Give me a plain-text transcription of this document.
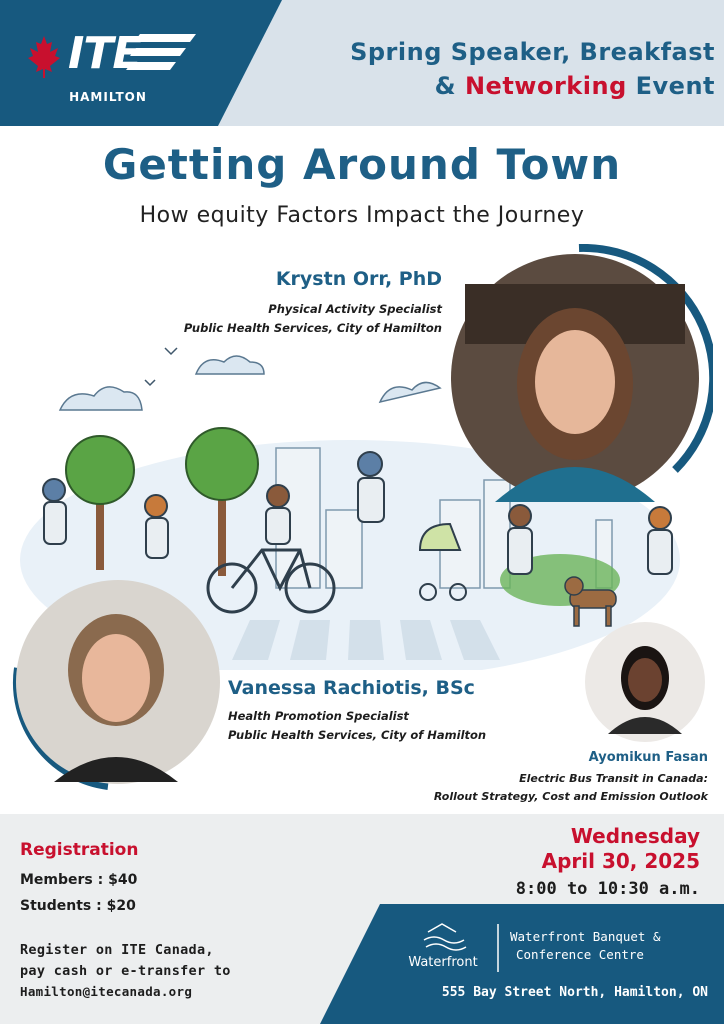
ITE
HAMILTON
Spring Speaker, Breakfast
& Networking Event
Getting Around Town
How equity Factors Impact the Journey
Krystn Orr, PhD
Physical Activity Specialist
Public Health Services, City of Hamilton
Vanessa Rachiotis, BSc
Health Promotion Specialist
Public Health Services, City of Hamilton
Ayomikun Fasan
Electric Bus Transit in Canada:
Rollout Strategy, Cost and Emission Outlook
Registration
Members : $40
Students : $20
Register on ITE Canada,
pay cash or e-transfer to
Hamilton@itecanada.org
Wednesday
April 30, 2025
8:00 to 10:30 a.m.
Waterfront
Waterfront Banquet &
Conference Centre
555 Bay Street North, Hamilton, ON
